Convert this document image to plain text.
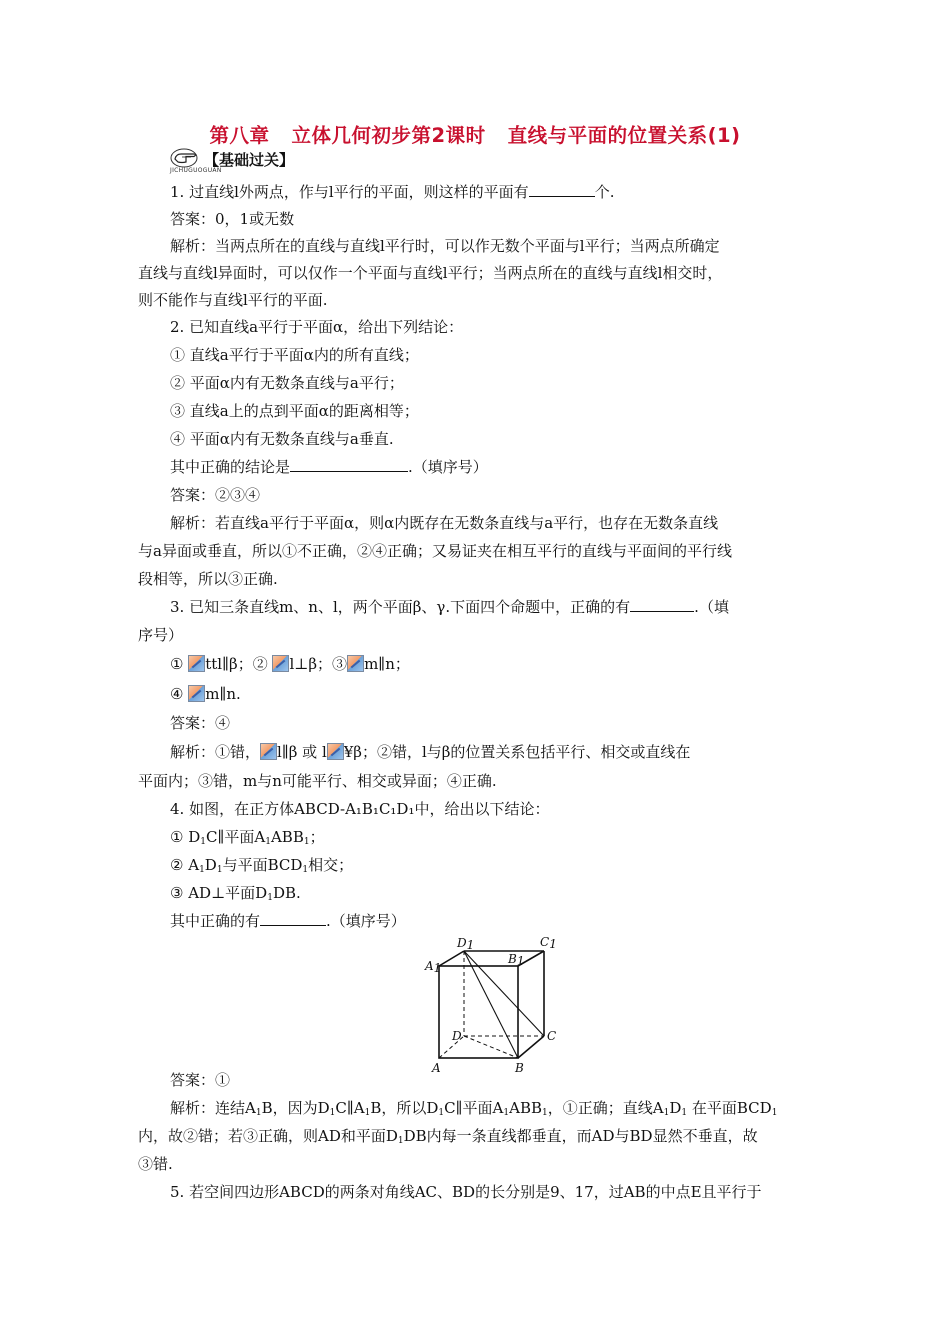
第八章 立体几何初步第2课时 直线与平面的位置关系(1)
【基础过关】
JICHUGUOGUAN
1. 过直线l外两点，作与l平行的平面，则这样的平面有	个.
答案：0，1或无数
解析：当两点所在的直线与直线l平行时，可以作无数个平面与l平行；当两点所确定
直线与直线l异面时，可以仅作一个平面与直线l平行；当两点所在的直线与直线l相交时，
则不能作与直线l平行的平面.
2. 已知直线a平行于平面α，给出下列结论：
① 直线a平行于平面α内的所有直线；
② 平面α内有无数条直线与a平行；
③ 直线a上的点到平面α的距离相等；
④ 平面α内有无数条直线与a垂直.
其中正确的结论是	.（填序号）
答案：②③④
解析：若直线a平行于平面α，则α内既存在无数条直线与a平行，也存在无数条直线
与a异面或垂直，所以①不正确，②④正确；又易证夹在相互平行的直线与平面间的平行线
段相等，所以③正确.
3. 已知三条直线m、n、l，两个平面β、γ.下面四个命题中，正确的有	.（填
序号）
① ttl∥β；② l⊥β；③ m∥n；
④ m∥n.
答案：④
解析：①错， l∥β 或 l ¥β；②错，l与β的位置关系包括平行、相交或直线在
平面内；③错，m与n可能平行、相交或异面；④正确.
4. 如图，在正方体ABCD-A₁B₁C₁D₁中，给出以下结论：
① $D_1C\parallel$平面$A_1ABB_1$；
② $A_1D_1$与平面$BCD_1$相交；
③ AD⊥平面$D_1DB$.
其中正确的有	.（填序号）
D1	C1
A1
B1
D	C
A	B
答案：①
解析：连结$A_1B$，因为$D_1C\parallel A_1B$，所以$D_1C\parallel$平面$A_1ABB_1$，①正确；直线$A_1D_1$ 在平面$BCD_1$
内，故②错；若③正确，则AD和平面$D_1DB$内每一条直线都垂直，而AD与BD显然不垂直，故
③错.
5. 若空间四边形ABCD的两条对角线AC、BD的长分别是9、17，过AB的中点E且平行于
